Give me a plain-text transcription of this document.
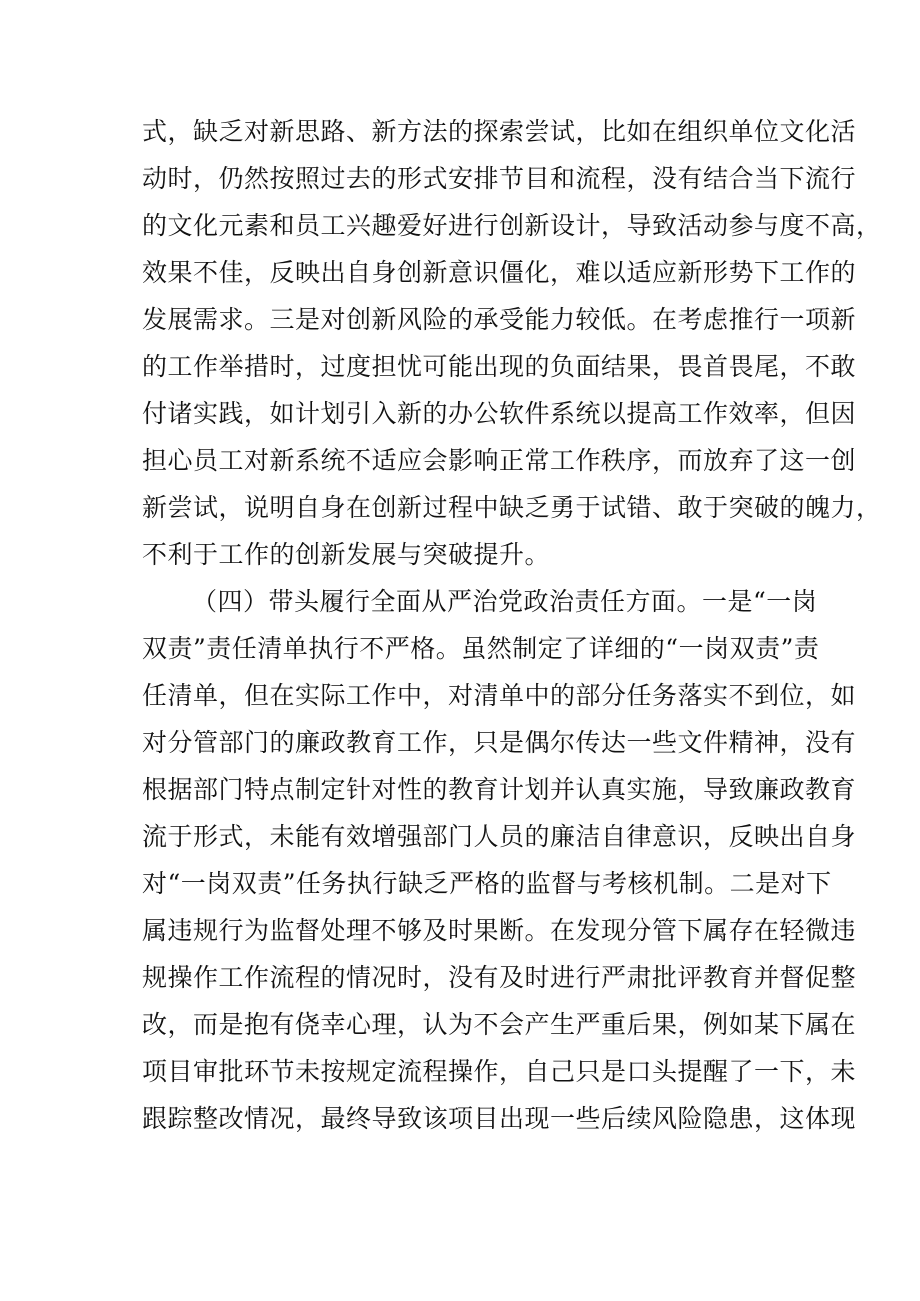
式，缺乏对新思路、新方法的探索尝试，比如在组织单位文化活
动时，仍然按照过去的形式安排节目和流程，没有结合当下流行
的文化元素和员工兴趣爱好进行创新设计，导致活动参与度不高，
效果不佳，反映出自身创新意识僵化，难以适应新形势下工作的
发展需求。三是对创新风险的承受能力较低。在考虑推行一项新
的工作举措时，过度担忧可能出现的负面结果，畏首畏尾，不敢
付诸实践，如计划引入新的办公软件系统以提高工作效率，但因
担心员工对新系统不适应会影响正常工作秩序，而放弃了这一创
新尝试，说明自身在创新过程中缺乏勇于试错、敢于突破的魄力，
不利于工作的创新发展与突破提升。
（四）带头履行全面从严治党政治责任方面。一是“一岗
双责”责任清单执行不严格。虽然制定了详细的“一岗双责”责
任清单，但在实际工作中，对清单中的部分任务落实不到位，如
对分管部门的廉政教育工作，只是偶尔传达一些文件精神，没有
根据部门特点制定针对性的教育计划并认真实施，导致廉政教育
流于形式，未能有效增强部门人员的廉洁自律意识，反映出自身
对“一岗双责”任务执行缺乏严格的监督与考核机制。二是对下
属违规行为监督处理不够及时果断。在发现分管下属存在轻微违
规操作工作流程的情况时，没有及时进行严肃批评教育并督促整
改，而是抱有侥幸心理，认为不会产生严重后果，例如某下属在
项目审批环节未按规定流程操作，自己只是口头提醒了一下，未
跟踪整改情况，最终导致该项目出现一些后续风险隐患，这体现
